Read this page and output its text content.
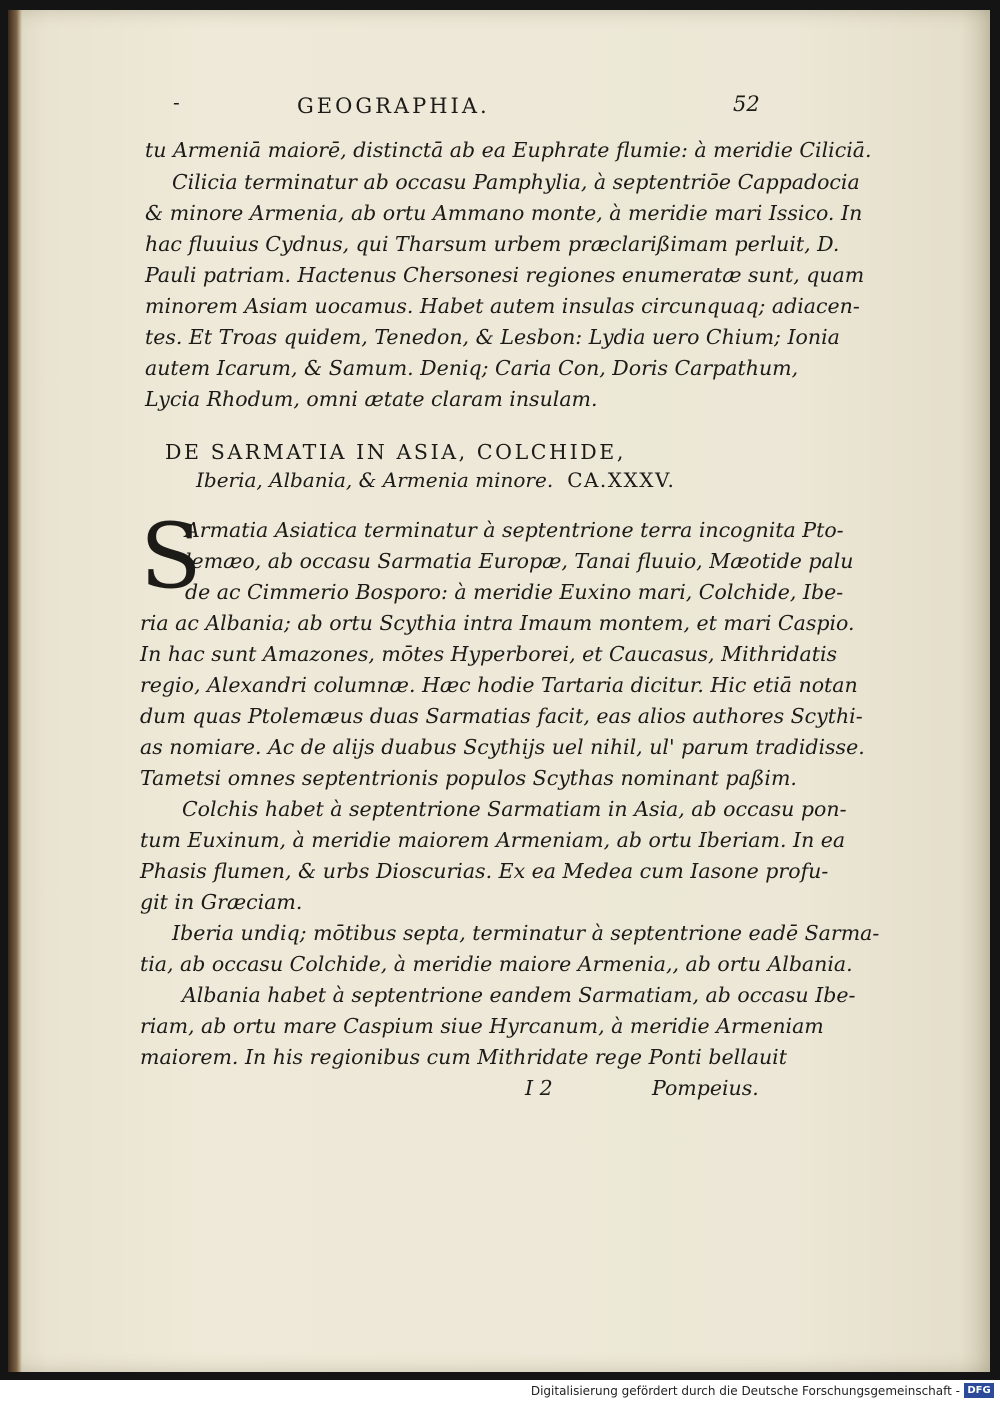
-	GEOGRAPHIA.	52
tu Armeniā maiorē, distinctā ab ea Euphrate flumie: à meridie Ciliciā.
Cilicia terminatur ab occasu Pamphylia, à septentriōe Cappadocia
& minore Armenia, ab ortu Ammano monte, à meridie mari Issico. In
hac fluuius Cydnus, qui Tharsum urbem præclarißimam perluit, D.
Pauli patriam. Hactenus Chersonesi regiones enumeratæ sunt, quam
minorem Asiam uocamus. Habet autem insulas circunquaq; adiacen-
tes. Et Troas quidem, Tenedon, & Lesbon: Lydia uero Chium; Ionia
autem Icarum, & Samum. Deniq; Caria Con, Doris Carpathum,
Lycia Rhodum, omni ætate claram insulam.
DE SARMATIA IN ASIA, COLCHIDE,
Iberia, Albania, & Armenia minore. CA.XXXV.
S
Armatia Asiatica terminatur à septentrione terra incognita Pto-
lemæo, ab occasu Sarmatia Europæ, Tanai fluuio, Mæotide palu
de ac Cimmerio Bosporo: à meridie Euxino mari, Colchide, Ibe-
ria ac Albania; ab ortu Scythia intra Imaum montem, et mari Caspio.
In hac sunt Amazones, mōtes Hyperborei, et Caucasus, Mithridatis
regio, Alexandri columnæ. Hæc hodie Tartaria dicitur. Hic etiā notan
dum quas Ptolemæus duas Sarmatias facit, eas alios authores Scythi-
as nomiare. Ac de alijs duabus Scythijs uel nihil, ul' parum tradidisse.
Tametsi omnes septentrionis populos Scythas nominant paßim.
Colchis habet à septentrione Sarmatiam in Asia, ab occasu pon-
tum Euxinum, à meridie maiorem Armeniam, ab ortu Iberiam. In ea
Phasis flumen, & urbs Dioscurias. Ex ea Medea cum Iasone profu-
git in Græciam.
Iberia undiq; mōtibus septa, terminatur à septentrione eadē Sarma-
tia, ab occasu Colchide, à meridie maiore Armenia,, ab ortu Albania.
Albania habet à septentrione eandem Sarmatiam, ab occasu Ibe-
riam, ab ortu mare Caspium siue Hyrcanum, à meridie Armeniam
maiorem. In his regionibus cum Mithridate rege Ponti bellauit
I 2	Pompeius.
Digitalisierung gefördert durch die Deutsche Forschungsgemeinschaft - DFG
